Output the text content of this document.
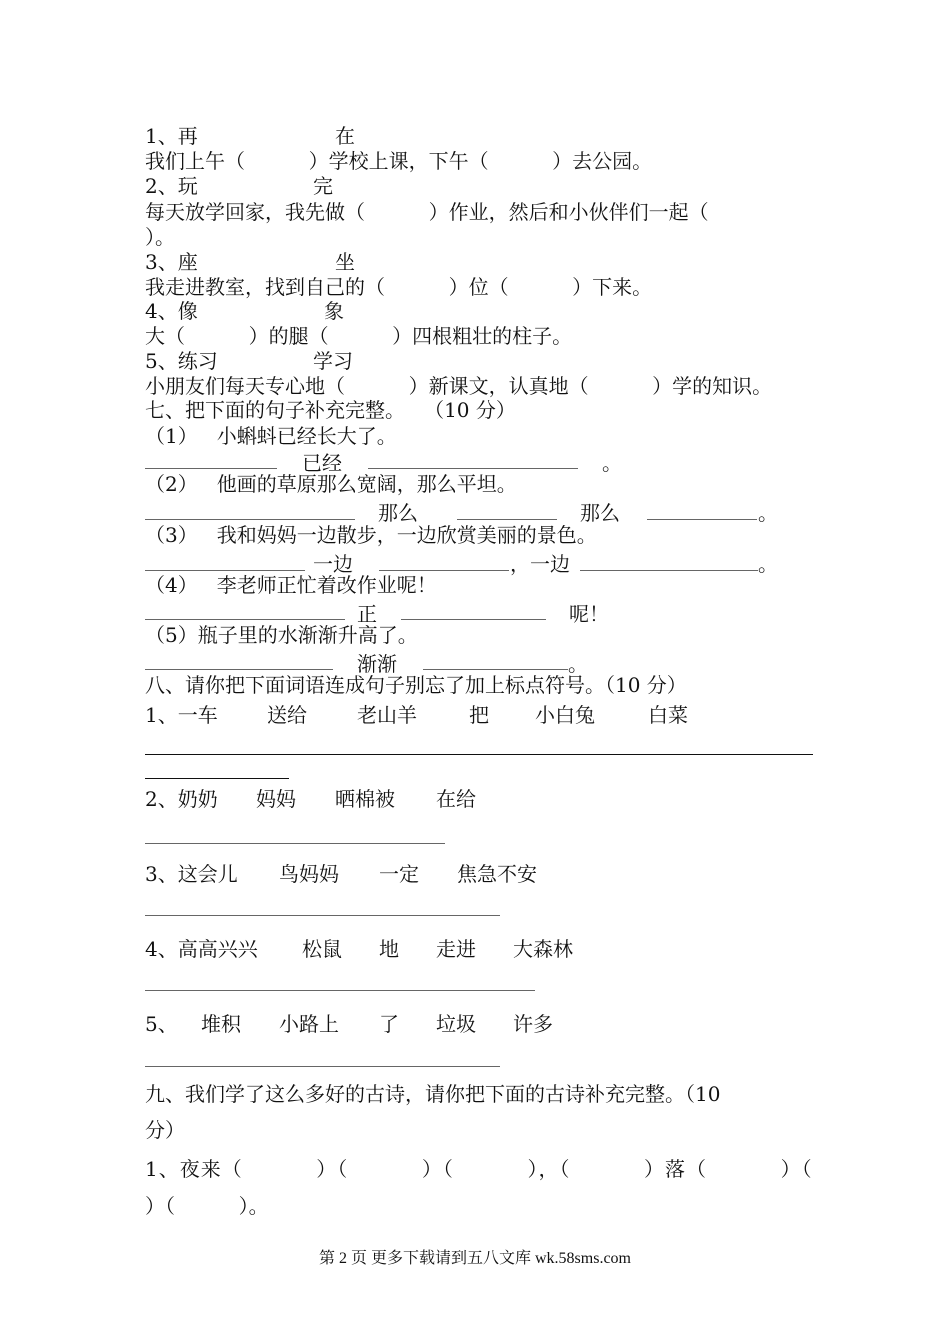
1、再	在
我们上午（          ）学校上课，下午（          ）去公园。
2、玩	完
每天放学回家，我先做（          ）作业，然后和小伙伴们一起（
）。
3、座	坐
我走进教室，找到自己的（          ）位（          ）下来。
4、像	象
大（          ）的腿（          ）四根粗壮的柱子。
5、练习	学习
小朋友们每天专心地（          ）新课文，认真地（          ）学的知识。
七、把下面的句子补充完整。   （10 分）
（1）   小蝌蚪已经长大了。
已经	。
（2）   他画的草原那么宽阔，那么平坦。
那么	那么	。
（3）   我和妈妈一边散步，一边欣赏美丽的景色。
一边	，一边	。
（4）   李老师正忙着改作业呢！
正	呢！
（5）瓶子里的水渐渐升高了。
渐渐	。
八、请你把下面词语连成句子别忘了加上标点符号。（10 分）
1、一车 送给	老山羊	把 小白兔	白菜
2、奶奶 妈妈 晒棉被 在给
3、这会儿 鸟妈妈 一定 焦急不安
4、高高兴兴 松鼠 地 走进 大森林
5、 堆积 小路上 了 垃圾 许多
九、我们学了这么多好的古诗，请你把下面的古诗补充完整。（10
分）
1、夜来（          ）（          ）（          ），（          ）落（          ）（
）（          ）。
第 2 页 更多下载请到五八文库 wk.58sms.com
